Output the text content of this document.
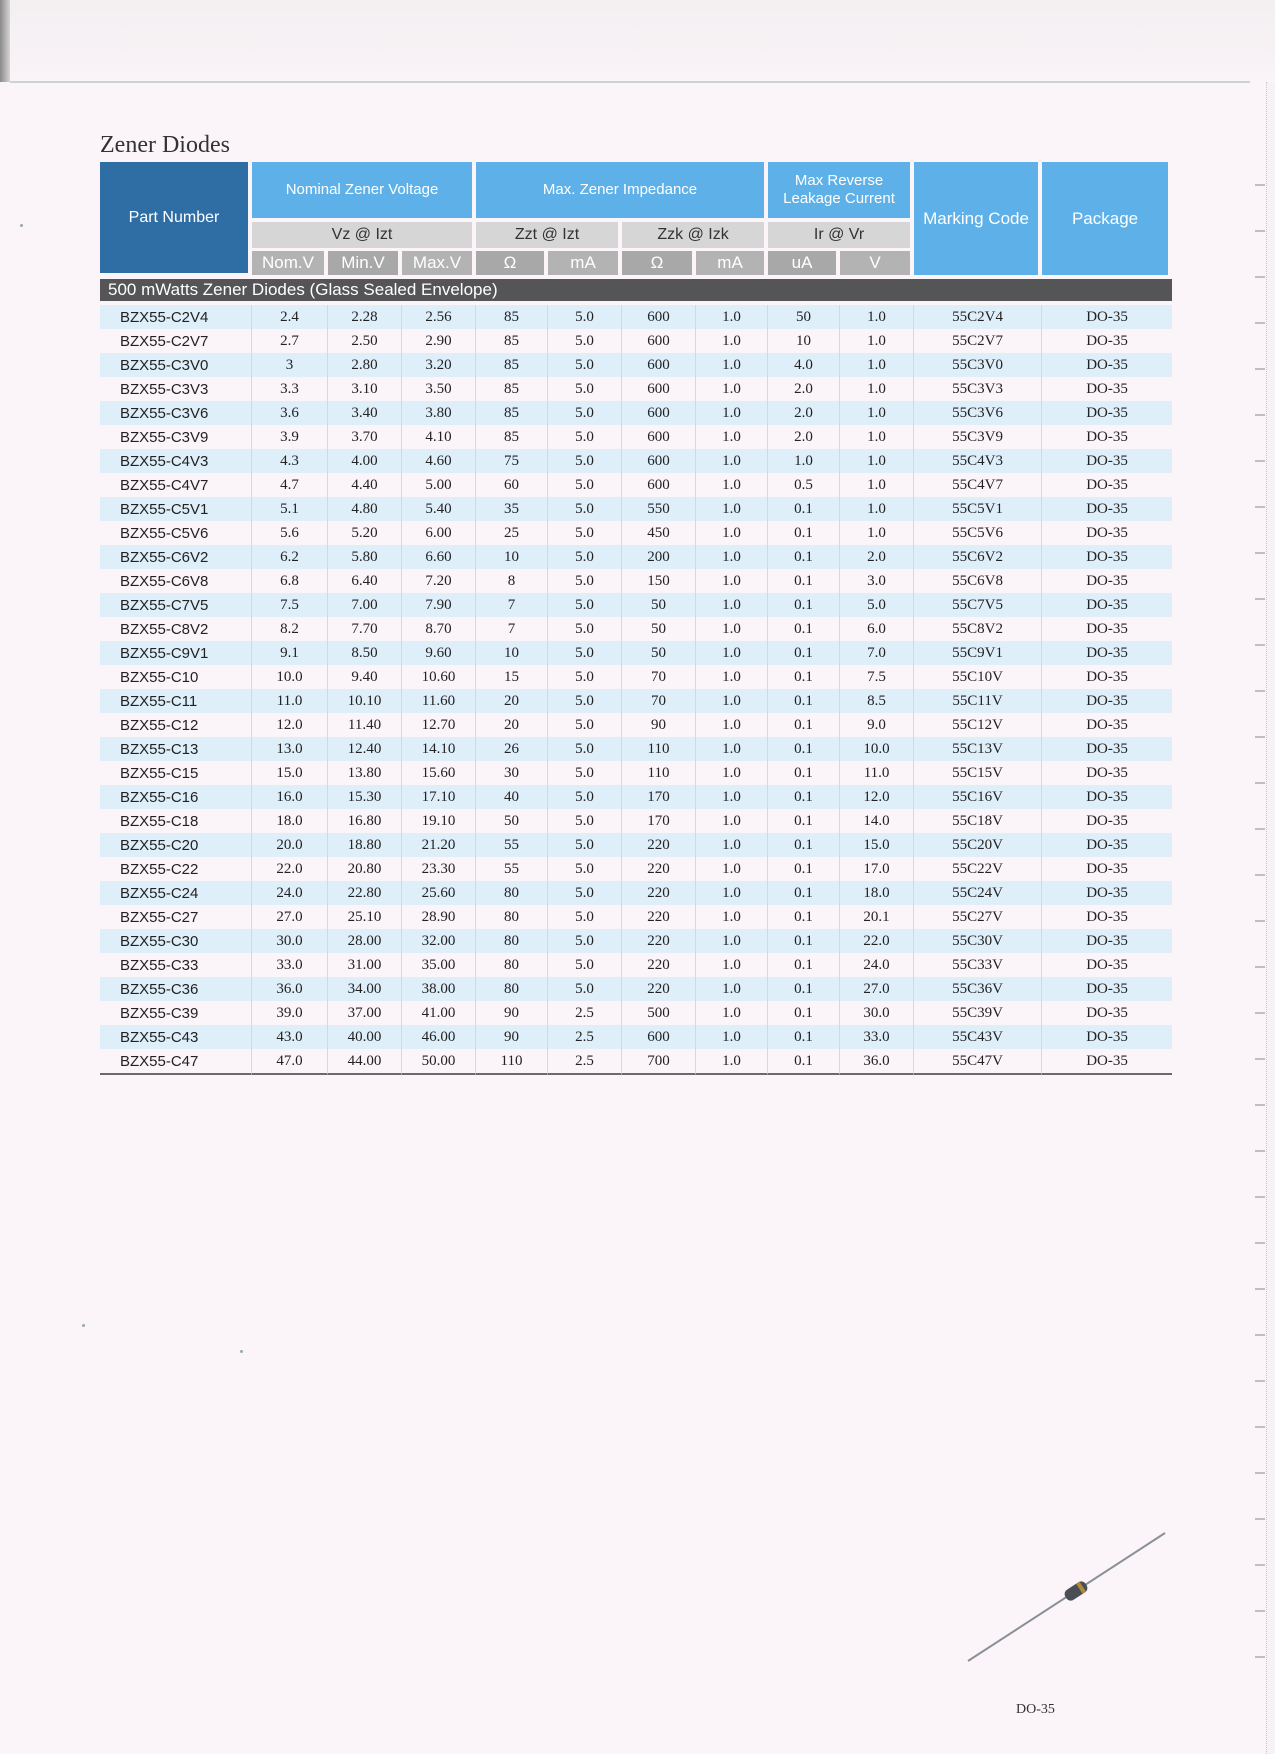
Zener Diodes
Part Number	Nominal Zener Voltage			Max. Zener Impedance				Max Reverse Leakage Current		Marking Code	Package
	Vz @ Izt			Zzt @ Izt		Zzk @ Izk		Ir @ Vr			
	Nom.V	Min.V	Max.V	Ω	mA	Ω	mA	uA	V		
500 mWatts Zener Diodes (Glass Sealed Envelope)											
BZX55-C2V4	2.4	2.28	2.56	85	5.0	600	1.0	50	1.0	55C2V4	DO-35
BZX55-C2V7	2.7	2.50	2.90	85	5.0	600	1.0	10	1.0	55C2V7	DO-35
BZX55-C3V0	3	2.80	3.20	85	5.0	600	1.0	4.0	1.0	55C3V0	DO-35
BZX55-C3V3	3.3	3.10	3.50	85	5.0	600	1.0	2.0	1.0	55C3V3	DO-35
BZX55-C3V6	3.6	3.40	3.80	85	5.0	600	1.0	2.0	1.0	55C3V6	DO-35
BZX55-C3V9	3.9	3.70	4.10	85	5.0	600	1.0	2.0	1.0	55C3V9	DO-35
BZX55-C4V3	4.3	4.00	4.60	75	5.0	600	1.0	1.0	1.0	55C4V3	DO-35
BZX55-C4V7	4.7	4.40	5.00	60	5.0	600	1.0	0.5	1.0	55C4V7	DO-35
BZX55-C5V1	5.1	4.80	5.40	35	5.0	550	1.0	0.1	1.0	55C5V1	DO-35
BZX55-C5V6	5.6	5.20	6.00	25	5.0	450	1.0	0.1	1.0	55C5V6	DO-35
BZX55-C6V2	6.2	5.80	6.60	10	5.0	200	1.0	0.1	2.0	55C6V2	DO-35
BZX55-C6V8	6.8	6.40	7.20	8	5.0	150	1.0	0.1	3.0	55C6V8	DO-35
BZX55-C7V5	7.5	7.00	7.90	7	5.0	50	1.0	0.1	5.0	55C7V5	DO-35
BZX55-C8V2	8.2	7.70	8.70	7	5.0	50	1.0	0.1	6.0	55C8V2	DO-35
BZX55-C9V1	9.1	8.50	9.60	10	5.0	50	1.0	0.1	7.0	55C9V1	DO-35
BZX55-C10	10.0	9.40	10.60	15	5.0	70	1.0	0.1	7.5	55C10V	DO-35
BZX55-C11	11.0	10.10	11.60	20	5.0	70	1.0	0.1	8.5	55C11V	DO-35
BZX55-C12	12.0	11.40	12.70	20	5.0	90	1.0	0.1	9.0	55C12V	DO-35
BZX55-C13	13.0	12.40	14.10	26	5.0	110	1.0	0.1	10.0	55C13V	DO-35
BZX55-C15	15.0	13.80	15.60	30	5.0	110	1.0	0.1	11.0	55C15V	DO-35
BZX55-C16	16.0	15.30	17.10	40	5.0	170	1.0	0.1	12.0	55C16V	DO-35
BZX55-C18	18.0	16.80	19.10	50	5.0	170	1.0	0.1	14.0	55C18V	DO-35
BZX55-C20	20.0	18.80	21.20	55	5.0	220	1.0	0.1	15.0	55C20V	DO-35
BZX55-C22	22.0	20.80	23.30	55	5.0	220	1.0	0.1	17.0	55C22V	DO-35
BZX55-C24	24.0	22.80	25.60	80	5.0	220	1.0	0.1	18.0	55C24V	DO-35
BZX55-C27	27.0	25.10	28.90	80	5.0	220	1.0	0.1	20.1	55C27V	DO-35
BZX55-C30	30.0	28.00	32.00	80	5.0	220	1.0	0.1	22.0	55C30V	DO-35
BZX55-C33	33.0	31.00	35.00	80	5.0	220	1.0	0.1	24.0	55C33V	DO-35
BZX55-C36	36.0	34.00	38.00	80	5.0	220	1.0	0.1	27.0	55C36V	DO-35
BZX55-C39	39.0	37.00	41.00	90	2.5	500	1.0	0.1	30.0	55C39V	DO-35
BZX55-C43	43.0	40.00	46.00	90	2.5	600	1.0	0.1	33.0	55C43V	DO-35
BZX55-C47	47.0	44.00	50.00	110	2.5	700	1.0	0.1	36.0	55C47V	DO-35
DO-35
